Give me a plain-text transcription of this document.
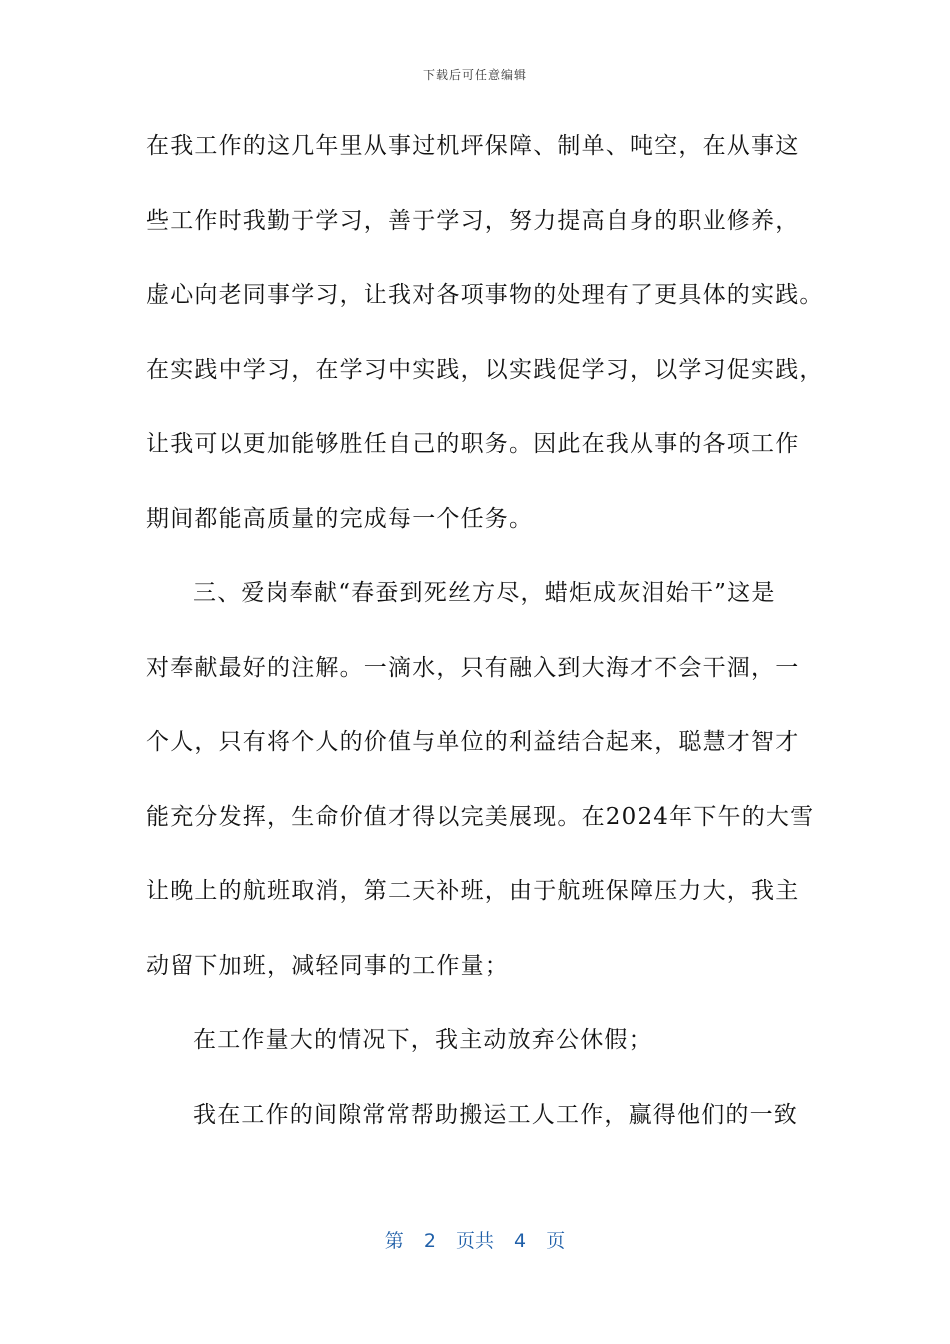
下载后可任意编辑
在我工作的这几年里从事过机坪保障、制单、吨空，在从事这
些工作时我勤于学习，善于学习，努力提高自身的职业修养，
虚心向老同事学习，让我对各项事物的处理有了更具体的实践。
在实践中学习，在学习中实践，以实践促学习，以学习促实践，
让我可以更加能够胜任自己的职务。因此在我从事的各项工作
期间都能高质量的完成每一个任务。
三、爱岗奉献“春蚕到死丝方尽，蜡炬成灰泪始干”这是
对奉献最好的注解。一滴水，只有融入到大海才不会干涸，一
个人，只有将个人的价值与单位的利益结合起来，聪慧才智才
能充分发挥，生命价值才得以完美展现。在2024年下午的大雪
让晚上的航班取消，第二天补班，由于航班保障压力大，我主
动留下加班，减轻同事的工作量；
在工作量大的情况下，我主动放弃公休假；
我在工作的间隙常常帮助搬运工人工作，赢得他们的一致
第 2 页共 4 页
